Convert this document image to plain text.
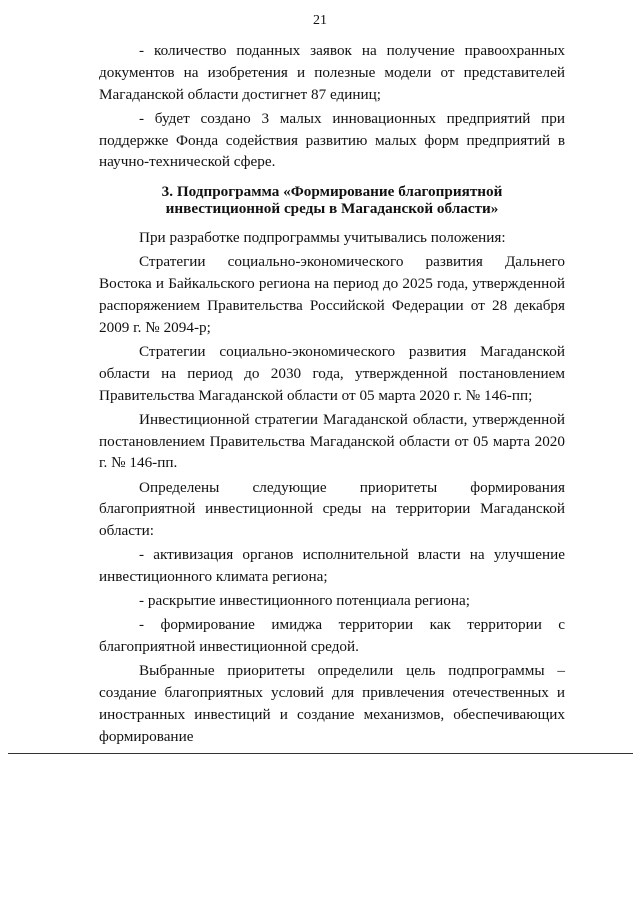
21

- количество поданных заявок на получение правоохранных документов на изобретения и полезные модели от представителей Магаданской области достигнет 87 единиц;

- будет создано 3 малых инновационных предприятий при поддержке Фонда содействия развитию малых форм предприятий в научно-технической сфере.

3. Подпрограмма «Формирование благоприятной
инвестиционной среды в Магаданской области»

При разработке подпрограммы учитывались положения:

Стратегии социально-экономического развития Дальнего Востока и Байкальского региона на период до 2025 года, утвержденной распоряжением Правительства Российской Федерации от 28 декабря 2009 г. № 2094-р;

Стратегии социально-экономического развития Магаданской области на период до 2030 года, утвержденной постановлением Правительства Магаданской области от 05 марта 2020 г. № 146-пп;

Инвестиционной стратегии Магаданской области, утвержденной постановлением Правительства Магаданской области от 05 марта 2020 г. № 146-пп.

Определены следующие приоритеты формирования благоприятной инвестиционной среды на территории Магаданской области:

- активизация органов исполнительной власти на улучшение инвестиционного климата региона;

- раскрытие инвестиционного потенциала региона;

- формирование имиджа территории как территории с благоприятной инвестиционной средой.

Выбранные приоритеты определили цель подпрограммы – создание благоприятных условий для привлечения отечественных и иностранных инвестиций и создание механизмов, обеспечивающих формирование
